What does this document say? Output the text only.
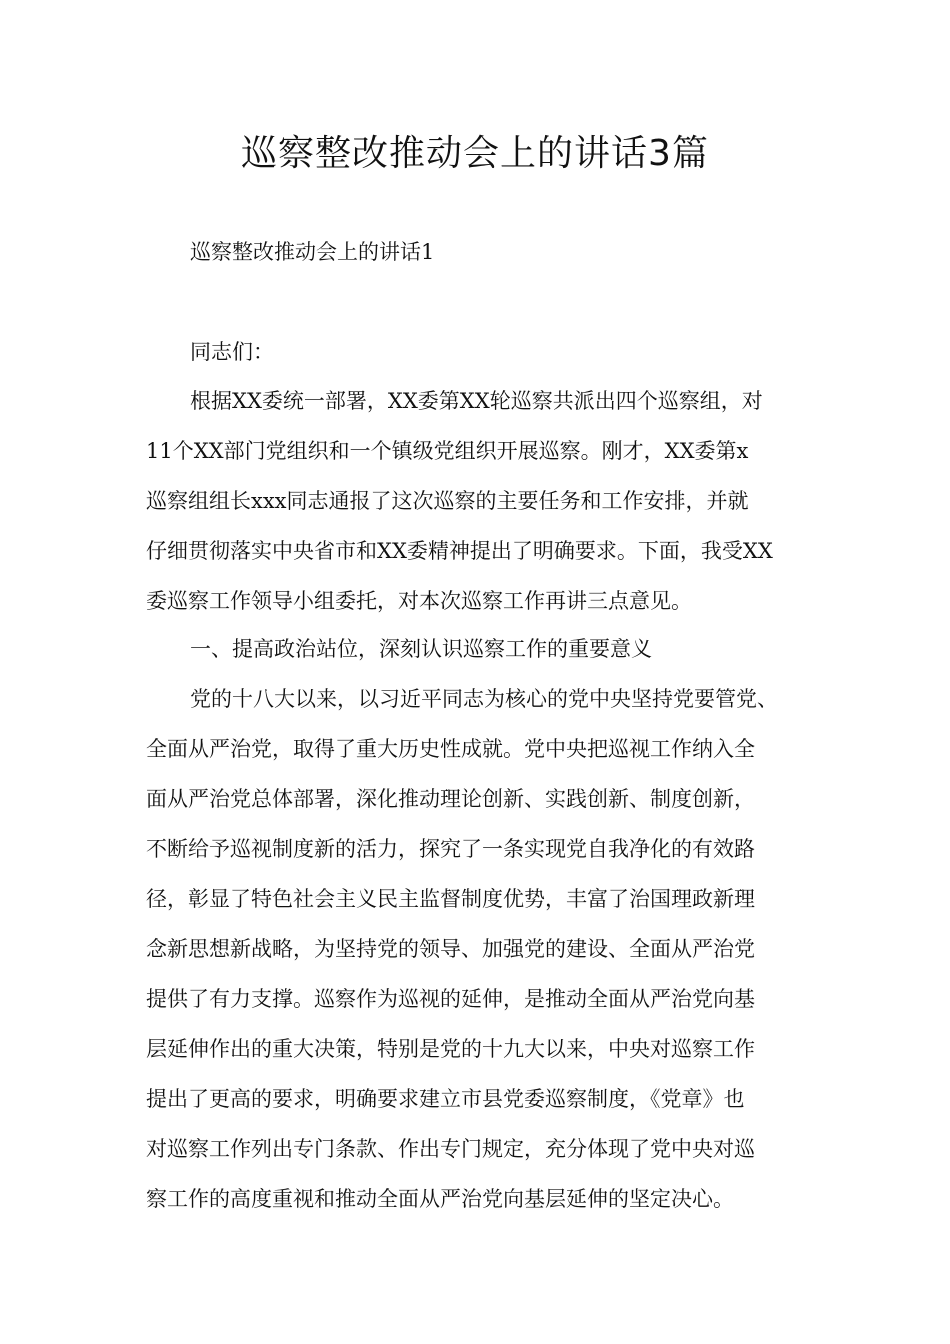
巡察整改推动会上的讲话3篇

巡察整改推动会上的讲话1

同志们：

根据XX委统一部署，XX委第XX轮巡察共派出四个巡察组，对

11个XX部门党组织和一个镇级党组织开展巡察。刚才，XX委第x

巡察组组长xxx同志通报了这次巡察的主要任务和工作安排，并就

仔细贯彻落实中央省市和XX委精神提出了明确要求。下面，我受XX

委巡察工作领导小组委托，对本次巡察工作再讲三点意见。

一、提高政治站位，深刻认识巡察工作的重要意义

党的十八大以来，以习近平同志为核心的党中央坚持党要管党、

全面从严治党，取得了重大历史性成就。党中央把巡视工作纳入全

面从严治党总体部署，深化推动理论创新、实践创新、制度创新，

不断给予巡视制度新的活力，探究了一条实现党自我净化的有效路

径，彰显了特色社会主义民主监督制度优势，丰富了治国理政新理

念新思想新战略，为坚持党的领导、加强党的建设、全面从严治党

提供了有力支撑。巡察作为巡视的延伸，是推动全面从严治党向基

层延伸作出的重大决策，特别是党的十九大以来，中央对巡察工作

提出了更高的要求，明确要求建立市县党委巡察制度，《党章》也

对巡察工作列出专门条款、作出专门规定，充分体现了党中央对巡

察工作的高度重视和推动全面从严治党向基层延伸的坚定决心。
